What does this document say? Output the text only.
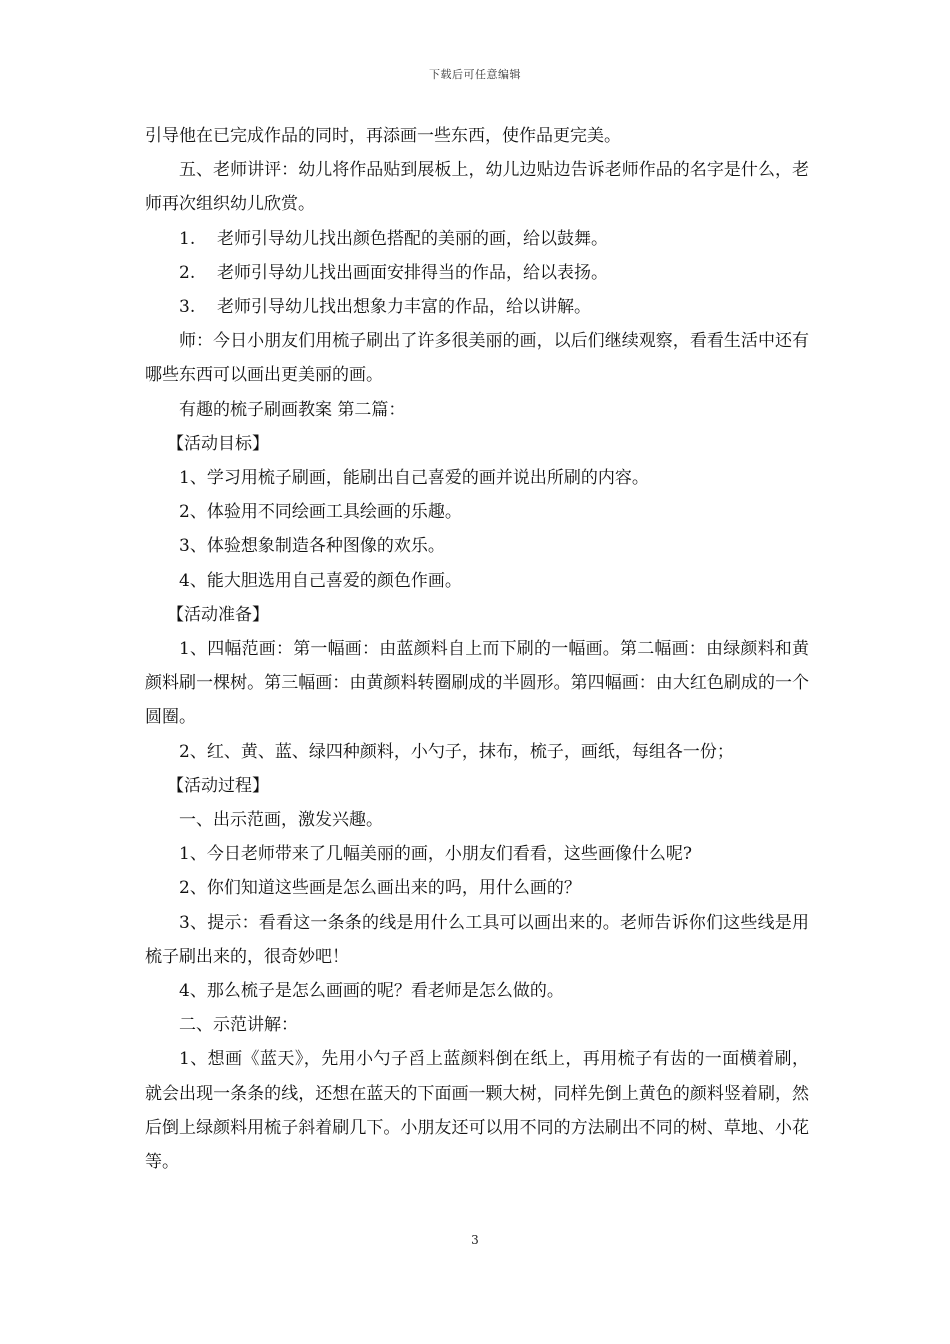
下载后可任意编辑

引导他在已完成作品的同时，再添画一些东西，使作品更完美。

五、老师讲评：幼儿将作品贴到展板上，幼儿边贴边告诉老师作品的名字是什么，老师再次组织幼儿欣赏。

1. 老师引导幼儿找出颜色搭配的美丽的画，给以鼓舞。

2. 老师引导幼儿找出画面安排得当的作品，给以表扬。

3. 老师引导幼儿找出想象力丰富的作品，给以讲解。

师：今日小朋友们用梳子刷出了许多很美丽的画，以后们继续观察，看看生活中还有哪些东西可以画出更美丽的画。

有趣的梳子刷画教案 第二篇：

【活动目标】

1、学习用梳子刷画，能刷出自己喜爱的画并说出所刷的内容。

2、体验用不同绘画工具绘画的乐趣。

3、体验想象制造各种图像的欢乐。

4、能大胆选用自己喜爱的颜色作画。

【活动准备】

1、四幅范画：第一幅画：由蓝颜料自上而下刷的一幅画。第二幅画：由绿颜料和黄颜料刷一棵树。第三幅画：由黄颜料转圈刷成的半圆形。第四幅画：由大红色刷成的一个圆圈。

2、红、黄、蓝、绿四种颜料，小勺子，抹布，梳子，画纸，每组各一份；

【活动过程】

一、出示范画，激发兴趣。

1、今日老师带来了几幅美丽的画，小朋友们看看，这些画像什么呢?

2、你们知道这些画是怎么画出来的吗，用什么画的？

3、提示：看看这一条条的线是用什么工具可以画出来的。老师告诉你们这些线是用梳子刷出来的，很奇妙吧！

4、那么梳子是怎么画画的呢？看老师是怎么做的。

二、示范讲解：

1、想画《蓝天》，先用小勺子舀上蓝颜料倒在纸上，再用梳子有齿的一面横着刷，就会出现一条条的线，还想在蓝天的下面画一颗大树，同样先倒上黄色的颜料竖着刷，然后倒上绿颜料用梳子斜着刷几下。小朋友还可以用不同的方法刷出不同的树、草地、小花等。

3
